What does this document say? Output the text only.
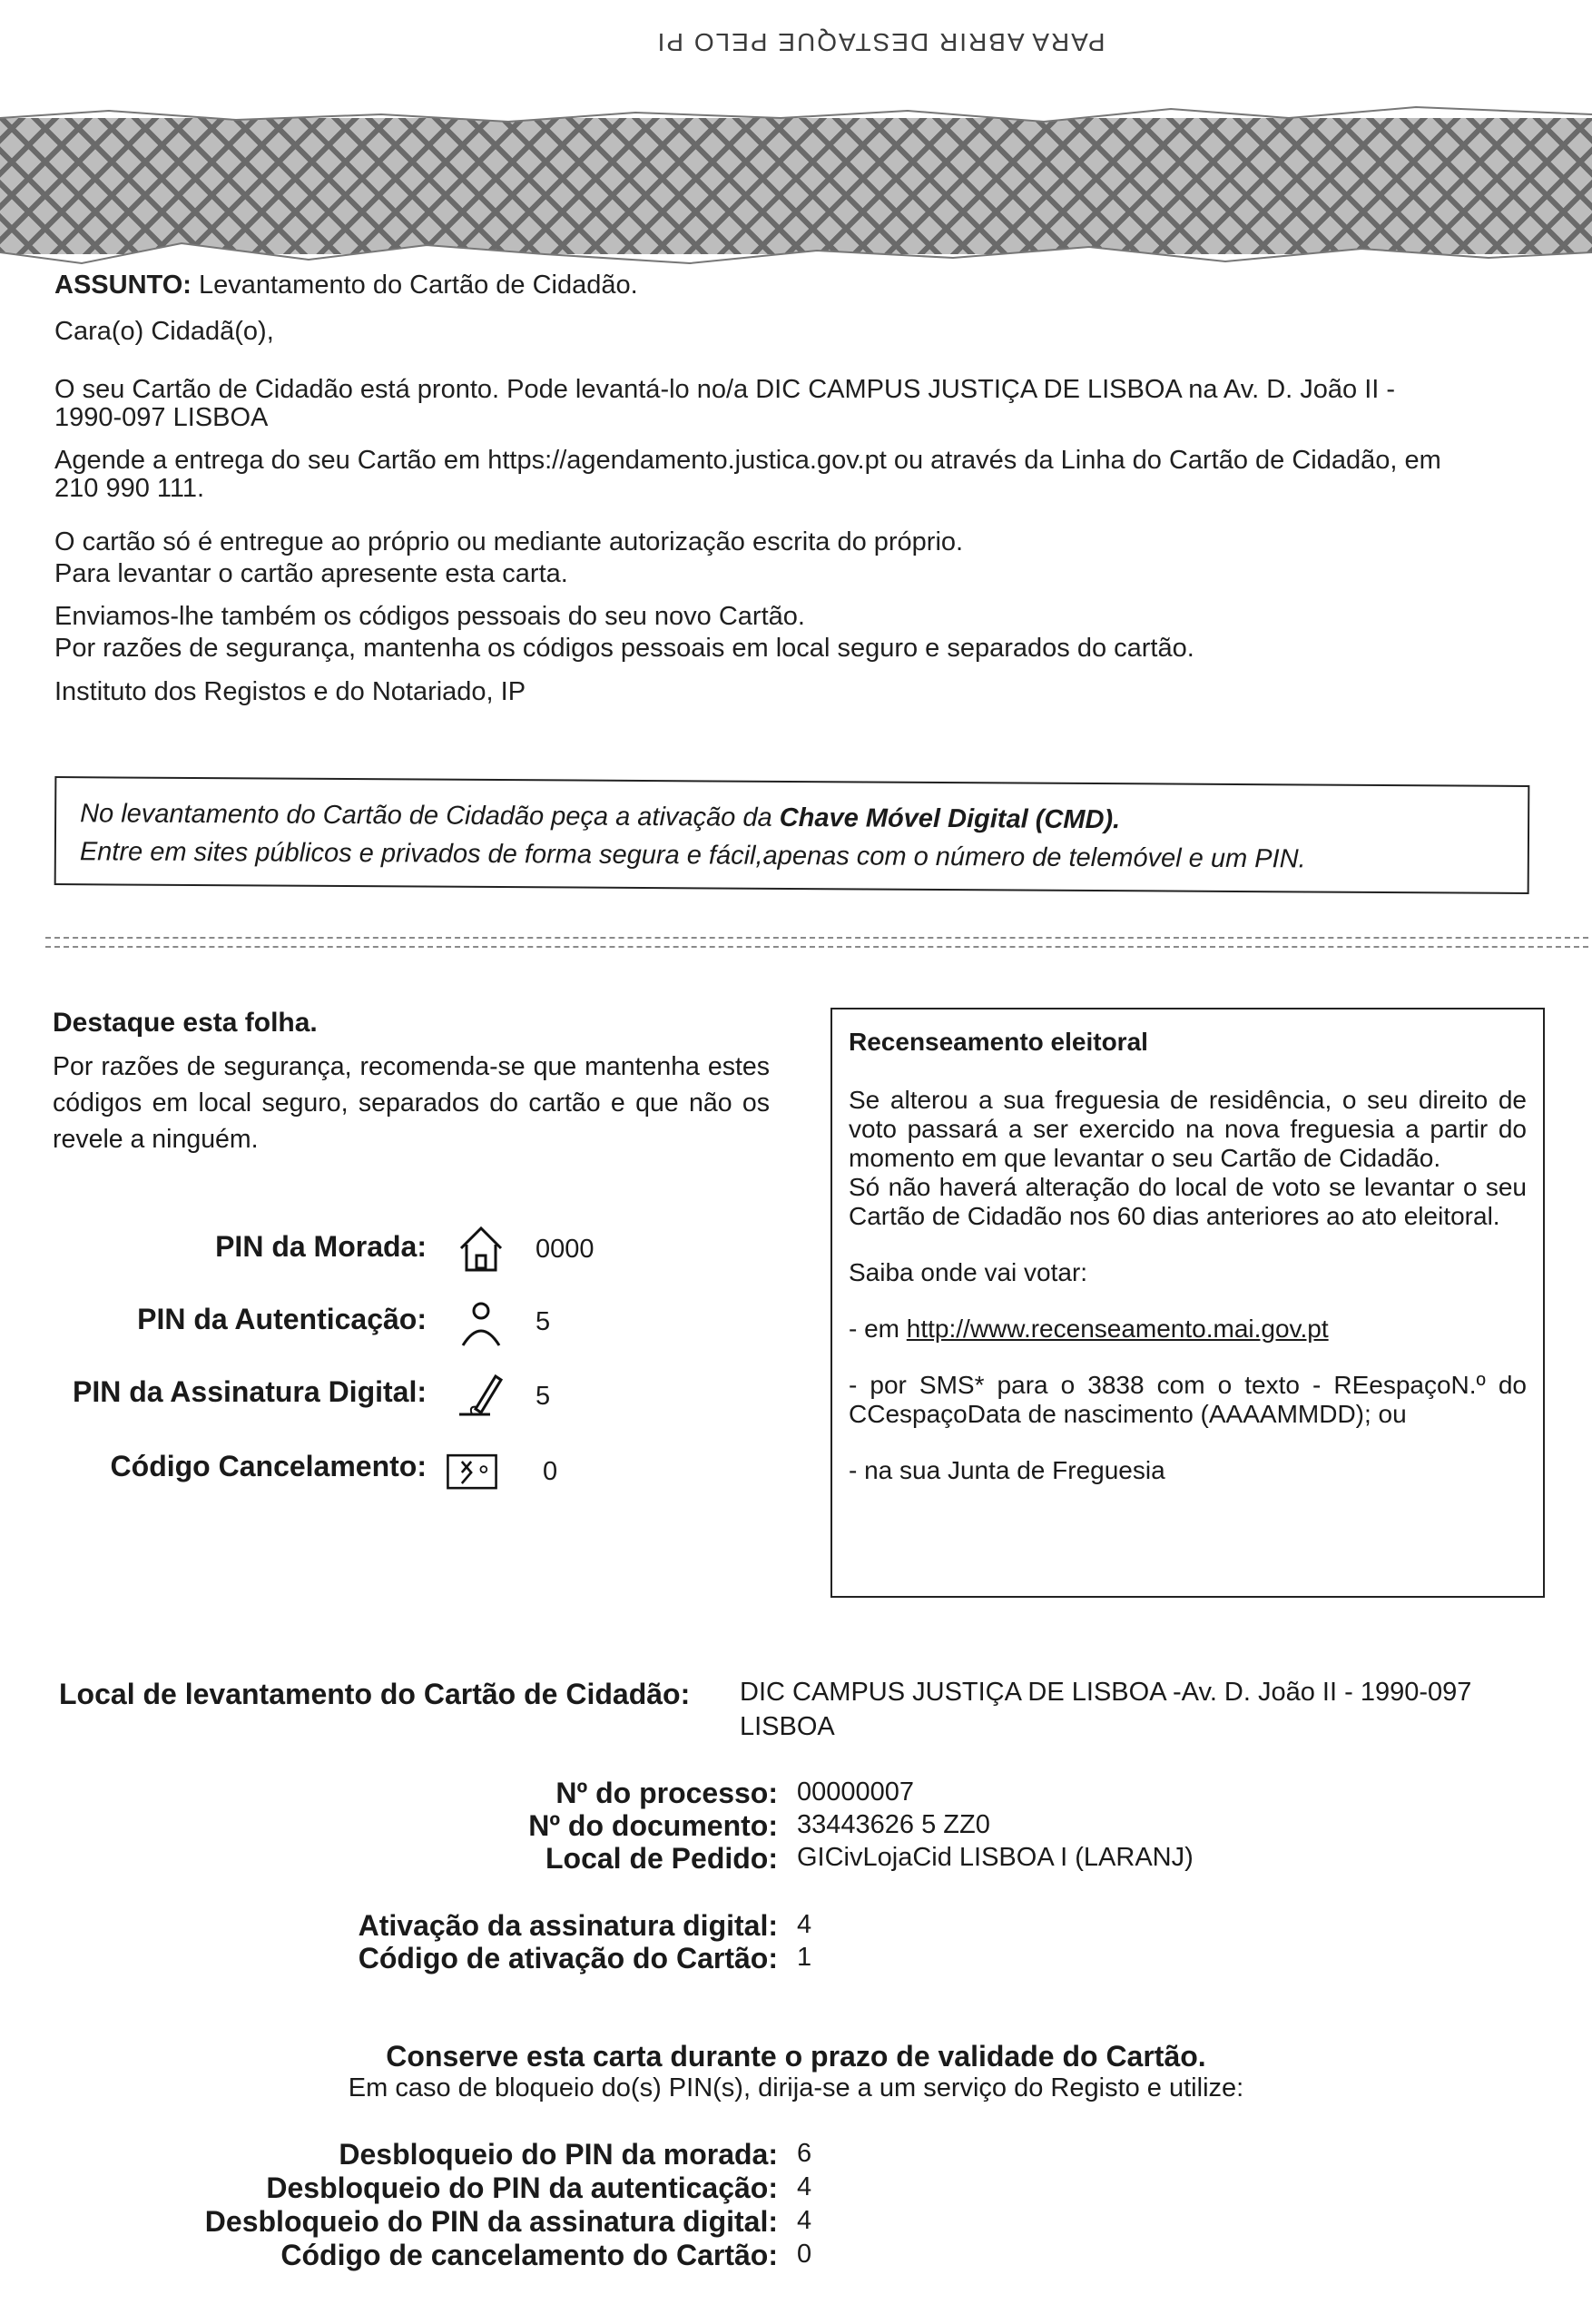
PARA ABRIR DESTAQUE PELO PI
ASSUNTO: Levantamento do Cartão de Cidadão.
Cara(o) Cidadã(o),
O seu Cartão de Cidadão está pronto. Pode levantá-lo no/a DIC CAMPUS JUSTIÇA DE LISBOA na Av. D. João II -
1990-097 LISBOA
Agende a entrega do seu Cartão em https://agendamento.justica.gov.pt ou através da Linha do Cartão de Cidadão, em
210 990 111.
O cartão só é entregue ao próprio ou mediante autorização escrita do próprio.
Para levantar o cartão apresente esta carta.
Enviamos-lhe também os códigos pessoais do seu novo Cartão.
Por razões de segurança, mantenha os códigos pessoais em local seguro e separados do cartão.
Instituto dos Registos e do Notariado, IP
No levantamento do Cartão de Cidadão peça a ativação da Chave Móvel Digital (CMD).
Entre em sites públicos e privados de forma segura e fácil,apenas com o número de telemóvel e um PIN.
Destaque esta folha.
Por razões de segurança, recomenda-se que mantenha estes códigos em local seguro, separados do cartão e que não os revele a ninguém.
PIN da Morada:	0000
PIN da Autenticação:	5
PIN da Assinatura Digital:	5
Código Cancelamento:	0
Recenseamento eleitoral
Se alterou a sua freguesia de residência, o seu direito de voto passará a ser exercido na nova freguesia a partir do momento em que levantar o seu Cartão de Cidadão.
Só não haverá alteração do local de voto se levantar o seu Cartão de Cidadão nos 60 dias anteriores ao ato eleitoral.
Saiba onde vai votar:
- em http://www.recenseamento.mai.gov.pt
- por SMS* para o 3838 com o texto - REespaçoN.º do CCespaçoData de nascimento (AAAAMMDD); ou
- na sua Junta de Freguesia
Local de levantamento do Cartão de Cidadão: DIC CAMPUS JUSTIÇA DE LISBOA -Av. D. João II - 1990-097
LISBOA
Nº do processo: 00000007
Nº do documento: 33443626 5 ZZ0
Local de Pedido: GICivLojaCid LISBOA I (LARANJ)
Ativação da assinatura digital: 4
Código de ativação do Cartão: 1
Conserve esta carta durante o prazo de validade do Cartão.
Em caso de bloqueio do(s) PIN(s), dirija-se a um serviço do Registo e utilize:
Desbloqueio do PIN da morada: 6
Desbloqueio do PIN da autenticação: 4
Desbloqueio do PIN da assinatura digital: 4
Código de cancelamento do Cartão: 0
